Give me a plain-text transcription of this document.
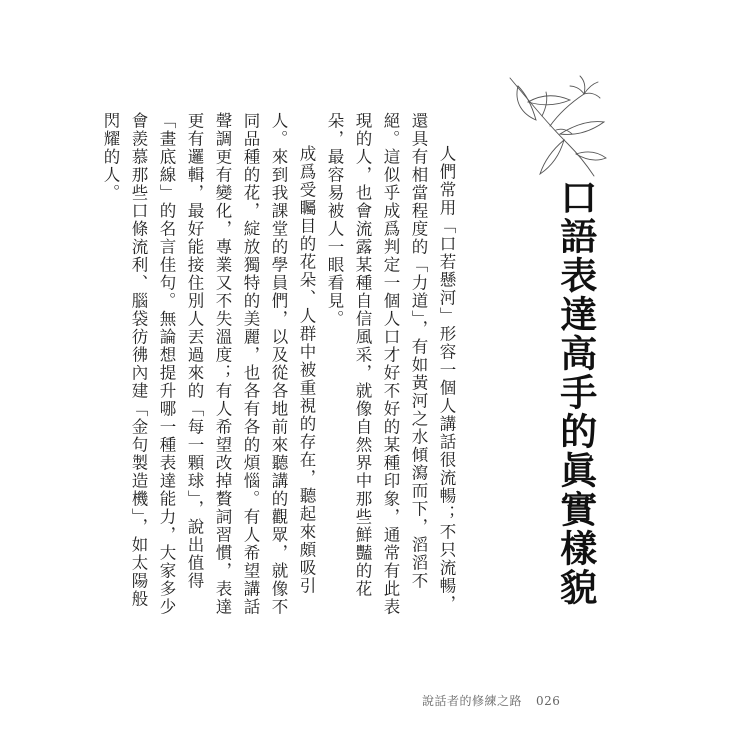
口語表達高手的眞實樣貌

人們常用「口若懸河」形容一個人講話很流暢；不只流暢，還具有相當程度的「力道」，有如黃河之水傾瀉而下，滔滔不絕。這似乎成爲判定一個人口才好不好的某種印象，通常有此表現的人，也會流露某種自信風采，就像自然界中那些鮮豔的花朵，最容易被人一眼看見。

成爲受矚目的花朵、人群中被重視的存在，聽起來頗吸引人。來到我課堂的學員們，以及從各地前來聽講的觀眾，就像不同品種的花，綻放獨特的美麗，也各有各的煩惱。有人希望講話聲調更有變化，專業又不失溫度；有人希望改掉贅詞習慣，表達更有邏輯，最好能接住別人丟過來的「每一顆球」，說出值得「畫底線」的名言佳句。無論想提升哪一種表達能力，大家多少會羨慕那些口條流利、腦袋彷彿內建「金句製造機」，如太陽般閃耀的人。

說話者的修練之路 026
